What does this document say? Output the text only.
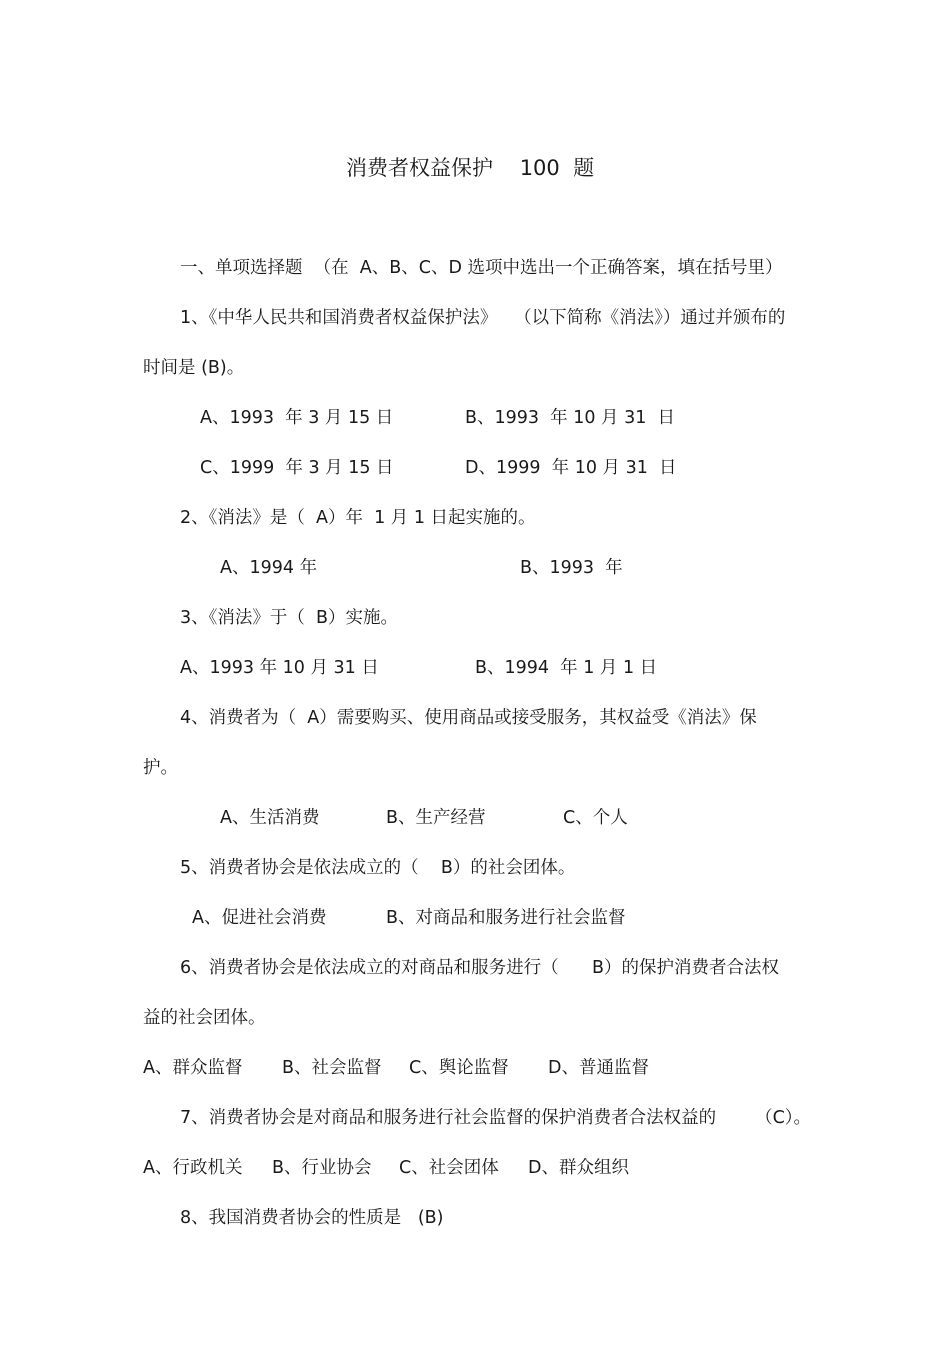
消费者权益保护    100  题
一、单项选择题  （在  A、B、C、D 选项中选出一个正确答案，填在括号里）
1、《中华人民共和国消费者权益保护法》   （以下简称《消法》）通过并颁布的
时间是 (B)。
A、1993  年 3 月 15 日	B、1993  年 10 月 31  日
C、1999  年 3 月 15 日	D、1999  年 10 月 31  日
2、《消法》是（  A）年  1 月 1 日起实施的。
A、1994 年	B、1993  年
3、《消法》于（  B）实施。
A、1993 年 10 月 31 日	B、1994  年 1 月 1 日
4、消费者为（  A）需要购买、使用商品或接受服务，其权益受《消法》保
护。
A、生活消费	B、生产经营	C、个人
5、消费者协会是依法成立的（    B）的社会团体。
A、促进社会消费	B、对商品和服务进行社会监督
6、消费者协会是依法成立的对商品和服务进行（      B）的保护消费者合法权
益的社会团体。
A、群众监督 B、社会监督 C、舆论监督 D、普通监督
7、消费者协会是对商品和服务进行社会监督的保护消费者合法权益的       （C）。
A、行政机关 B、行业协会 C、社会团体 D、群众组织
8、我国消费者协会的性质是   (B)
